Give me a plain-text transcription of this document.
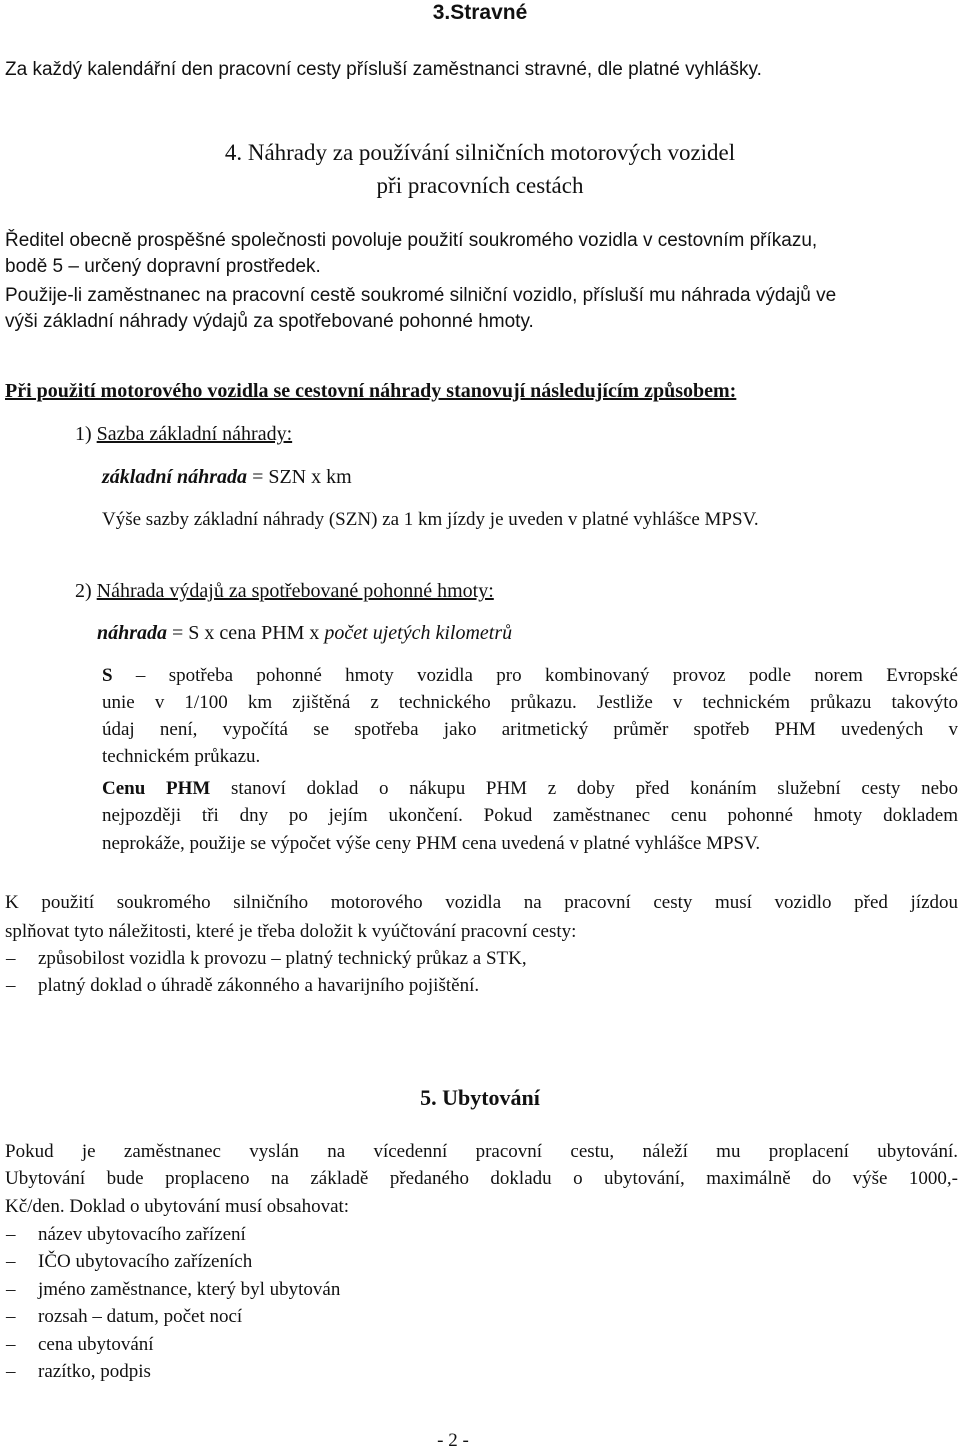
3.Stravné
Za každý kalendářní den pracovní cesty přísluší zaměstnanci stravné, dle platné vyhlášky.
4. Náhrady za používání silničních motorových vozidel
při pracovních cestách
Ředitel obecně prospěšné společnosti povoluje použití soukromého vozidla v cestovním příkazu,
bodě 5 – určený dopravní prostředek.
Použije-li zaměstnanec na pracovní cestě soukromé silniční vozidlo, přísluší mu náhrada výdajů ve
výši základní náhrady výdajů za spotřebované pohonné hmoty.
Při použití motorového vozidla se cestovní náhrady stanovují následujícím způsobem:
1) Sazba základní náhrady:
základní náhrada = SZN x km
Výše sazby základní náhrady (SZN) za 1 km jízdy je uveden v platné vyhlášce MPSV.
2) Náhrada výdajů za spotřebované pohonné hmoty:
náhrada = S x cena PHM x počet ujetých kilometrů
S – spotřeba pohonné hmoty vozidla pro kombinovaný provoz podle norem Evropské
unie v 1/100 km zjištěná z technického průkazu. Jestliže v technickém průkazu takovýto
údaj není, vypočítá se spotřeba jako aritmetický průměr spotřeb PHM uvedených v
technickém průkazu.
Cenu PHM stanoví doklad o nákupu PHM z doby před konáním služební cesty nebo
nejpozději tři dny po jejím ukončení. Pokud zaměstnanec cenu pohonné hmoty dokladem
neprokáže, použije se výpočet výše ceny PHM cena uvedená v platné vyhlášce MPSV.
K použití soukromého silničního motorového vozidla na pracovní cesty musí vozidlo před jízdou
splňovat tyto náležitosti, které je třeba doložit k vyúčtování pracovní cesty:
– způsobilost vozidla k provozu – platný technický průkaz a STK,
– platný doklad o úhradě zákonného a havarijního pojištění.
5. Ubytování
Pokud je zaměstnanec vyslán na vícedenní pracovní cestu, náleží mu proplacení ubytování.
Ubytování bude proplaceno na základě předaného dokladu o ubytování, maximálně do výše 1000,-
Kč/den. Doklad o ubytování musí obsahovat:
– název ubytovacího zařízení
– IČO ubytovacího zařízeních
– jméno zaměstnance, který byl ubytován
– rozsah – datum, počet nocí
– cena ubytování
– razítko, podpis
- 2 -
